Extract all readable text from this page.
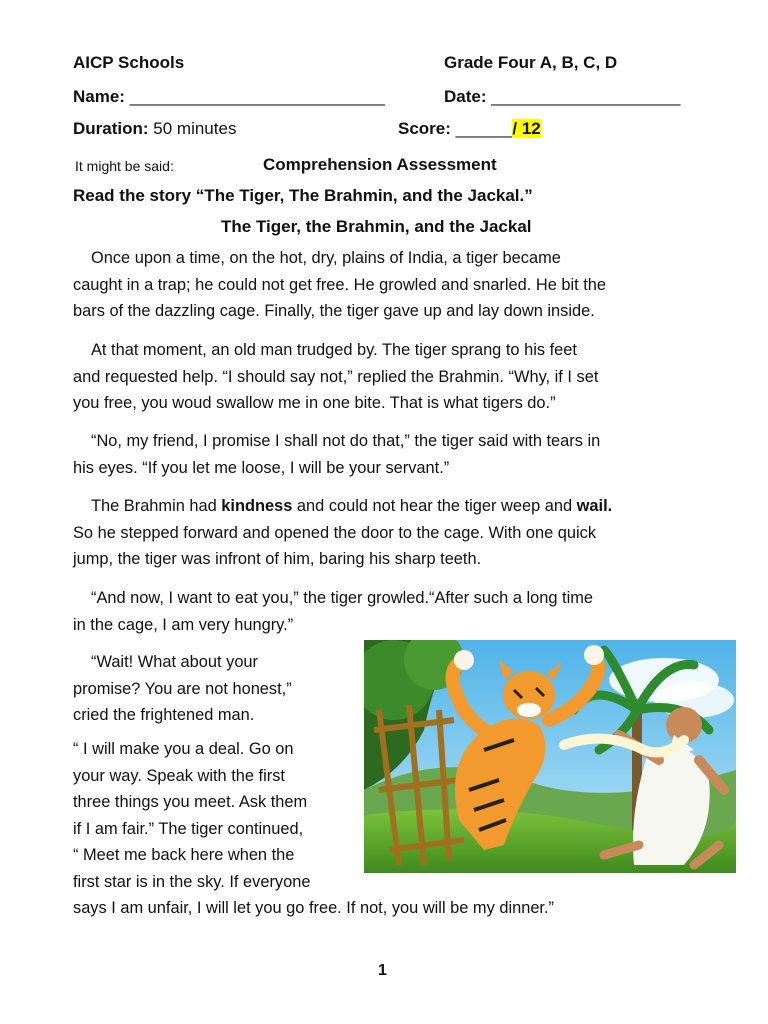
AICP Schools	Grade Four A, B, C, D
Name: ___________________________	Date: ____________________
Duration: 50 minutes	Score: ______/ 12
It might be said:	Comprehension Assessment
Read the story “The Tiger, The Brahmin, and the Jackal.”
The Tiger, the Brahmin, and the Jackal
Once upon a time, on the hot, dry, plains of India, a tiger became
caught in a trap; he could not get free. He growled and snarled. He bit the
bars of the dazzling cage. Finally, the tiger gave up and lay down inside.
At that moment, an old man trudged by. The tiger sprang to his feet
and requested help. “I should say not,” replied the Brahmin. “Why, if I set
you free, you woud swallow me in one bite. That is what tigers do.”
“No, my friend, I promise I shall not do that,” the tiger said with tears in
his eyes. “If you let me loose, I will be your servant.”
The Brahmin had kindness and could not hear the tiger weep and wail.
So he stepped forward and opened the door to the cage. With one quick
jump, the tiger was infront of him, baring his sharp teeth.
“And now, I want to eat you,” the tiger growled.“After such a long time
in the cage, I am very hungry.”
“Wait! What about your
promise? You are not honest,”
cried the frightened man.
“ I will make you a deal. Go on
your way. Speak with the first
three things you meet. Ask them
if I am fair.” The tiger continued,
“ Meet me back here when the
first star is in the sky. If everyone
says I am unfair, I will let you go free. If not, you will be my dinner.”
1
